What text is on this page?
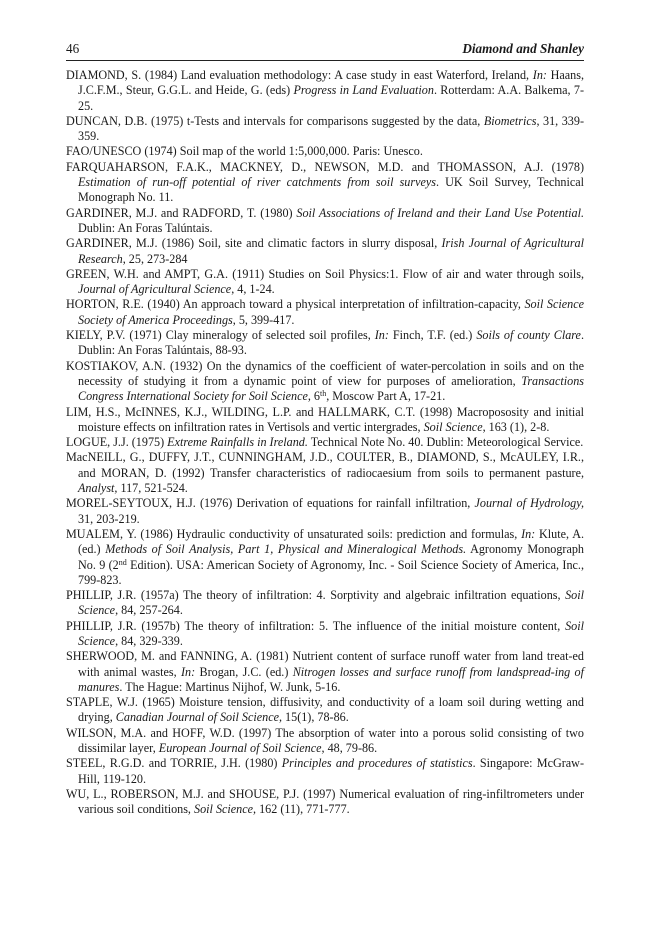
46	Diamond and Shanley
DIAMOND, S. (1984) Land evaluation methodology: A case study in east Waterford, Ireland, In: Haans, J.C.F.M., Steur, G.G.L. and Heide, G. (eds) Progress in Land Evaluation. Rotterdam: A.A. Balkema, 7-25.
DUNCAN, D.B. (1975) t-Tests and intervals for comparisons suggested by the data, Biometrics, 31, 339-359.
FAO/UNESCO (1974) Soil map of the world 1:5,000,000. Paris: Unesco.
FARQUAHARSON, F.A.K., MACKNEY, D., NEWSON, M.D. and THOMASSON, A.J. (1978) Estimation of run-off potential of river catchments from soil surveys. UK Soil Survey, Technical Monograph No. 11.
GARDINER, M.J. and RADFORD, T. (1980) Soil Associations of Ireland and their Land Use Potential. Dublin: An Foras Talúntais.
GARDINER, M.J. (1986) Soil, site and climatic factors in slurry disposal, Irish Journal of Agricultural Research, 25, 273-284
GREEN, W.H. and AMPT, G.A. (1911) Studies on Soil Physics:1. Flow of air and water through soils, Journal of Agricultural Science, 4, 1-24.
HORTON, R.E. (1940) An approach toward a physical interpretation of infiltration-capacity, Soil Science Society of America Proceedings, 5, 399-417.
KIELY, P.V. (1971) Clay mineralogy of selected soil profiles, In: Finch, T.F. (ed.) Soils of county Clare. Dublin: An Foras Talúntais, 88-93.
KOSTIAKOV, A.N. (1932) On the dynamics of the coefficient of water-percolation in soils and on the necessity of studying it from a dynamic point of view for purposes of amelioration, Transactions Congress International Society for Soil Science, 6th, Moscow Part A, 17-21.
LIM, H.S., McINNES, K.J., WILDING, L.P. and HALLMARK, C.T. (1998) Macropososity and initial moisture effects on infiltration rates in Vertisols and vertic intergrades, Soil Science, 163 (1), 2-8.
LOGUE, J.J. (1975) Extreme Rainfalls in Ireland. Technical Note No. 40. Dublin: Meteorological Service.
MacNEILL, G., DUFFY, J.T., CUNNINGHAM, J.D., COULTER, B., DIAMOND, S., McAULEY, I.R., and MORAN, D. (1992) Transfer characteristics of radiocaesium from soils to permanent pasture, Analyst, 117, 521-524.
MOREL-SEYTOUX, H.J. (1976) Derivation of equations for rainfall infiltration, Journal of Hydrology, 31, 203-219.
MUALEM, Y. (1986) Hydraulic conductivity of unsaturated soils: prediction and formulas, In: Klute, A. (ed.) Methods of Soil Analysis, Part 1, Physical and Mineralogical Methods. Agronomy Monograph No. 9 (2nd Edition). USA: American Society of Agronomy, Inc. - Soil Science Society of America, Inc., 799-823.
PHILLIP, J.R. (1957a) The theory of infiltration: 4. Sorptivity and algebraic infiltration equations, Soil Science, 84, 257-264.
PHILLIP, J.R. (1957b) The theory of infiltration: 5. The influence of the initial moisture content, Soil Science, 84, 329-339.
SHERWOOD, M. and FANNING, A. (1981) Nutrient content of surface runoff water from land treat-ed with animal wastes, In: Brogan, J.C. (ed.) Nitrogen losses and surface runoff from landspread-ing of manures. The Hague: Martinus Nijhof, W. Junk, 5-16.
STAPLE, W.J. (1965) Moisture tension, diffusivity, and conductivity of a loam soil during wetting and drying, Canadian Journal of Soil Science, 15(1), 78-86.
WILSON, M.A. and HOFF, W.D. (1997) The absorption of water into a porous solid consisting of two dissimilar layer, European Journal of Soil Science, 48, 79-86.
STEEL, R.G.D. and TORRIE, J.H. (1980) Principles and procedures of statistics. Singapore: McGraw-Hill, 119-120.
WU, L., ROBERSON, M.J. and SHOUSE, P.J. (1997) Numerical evaluation of ring-infiltrometers under various soil conditions, Soil Science, 162 (11), 771-777.
